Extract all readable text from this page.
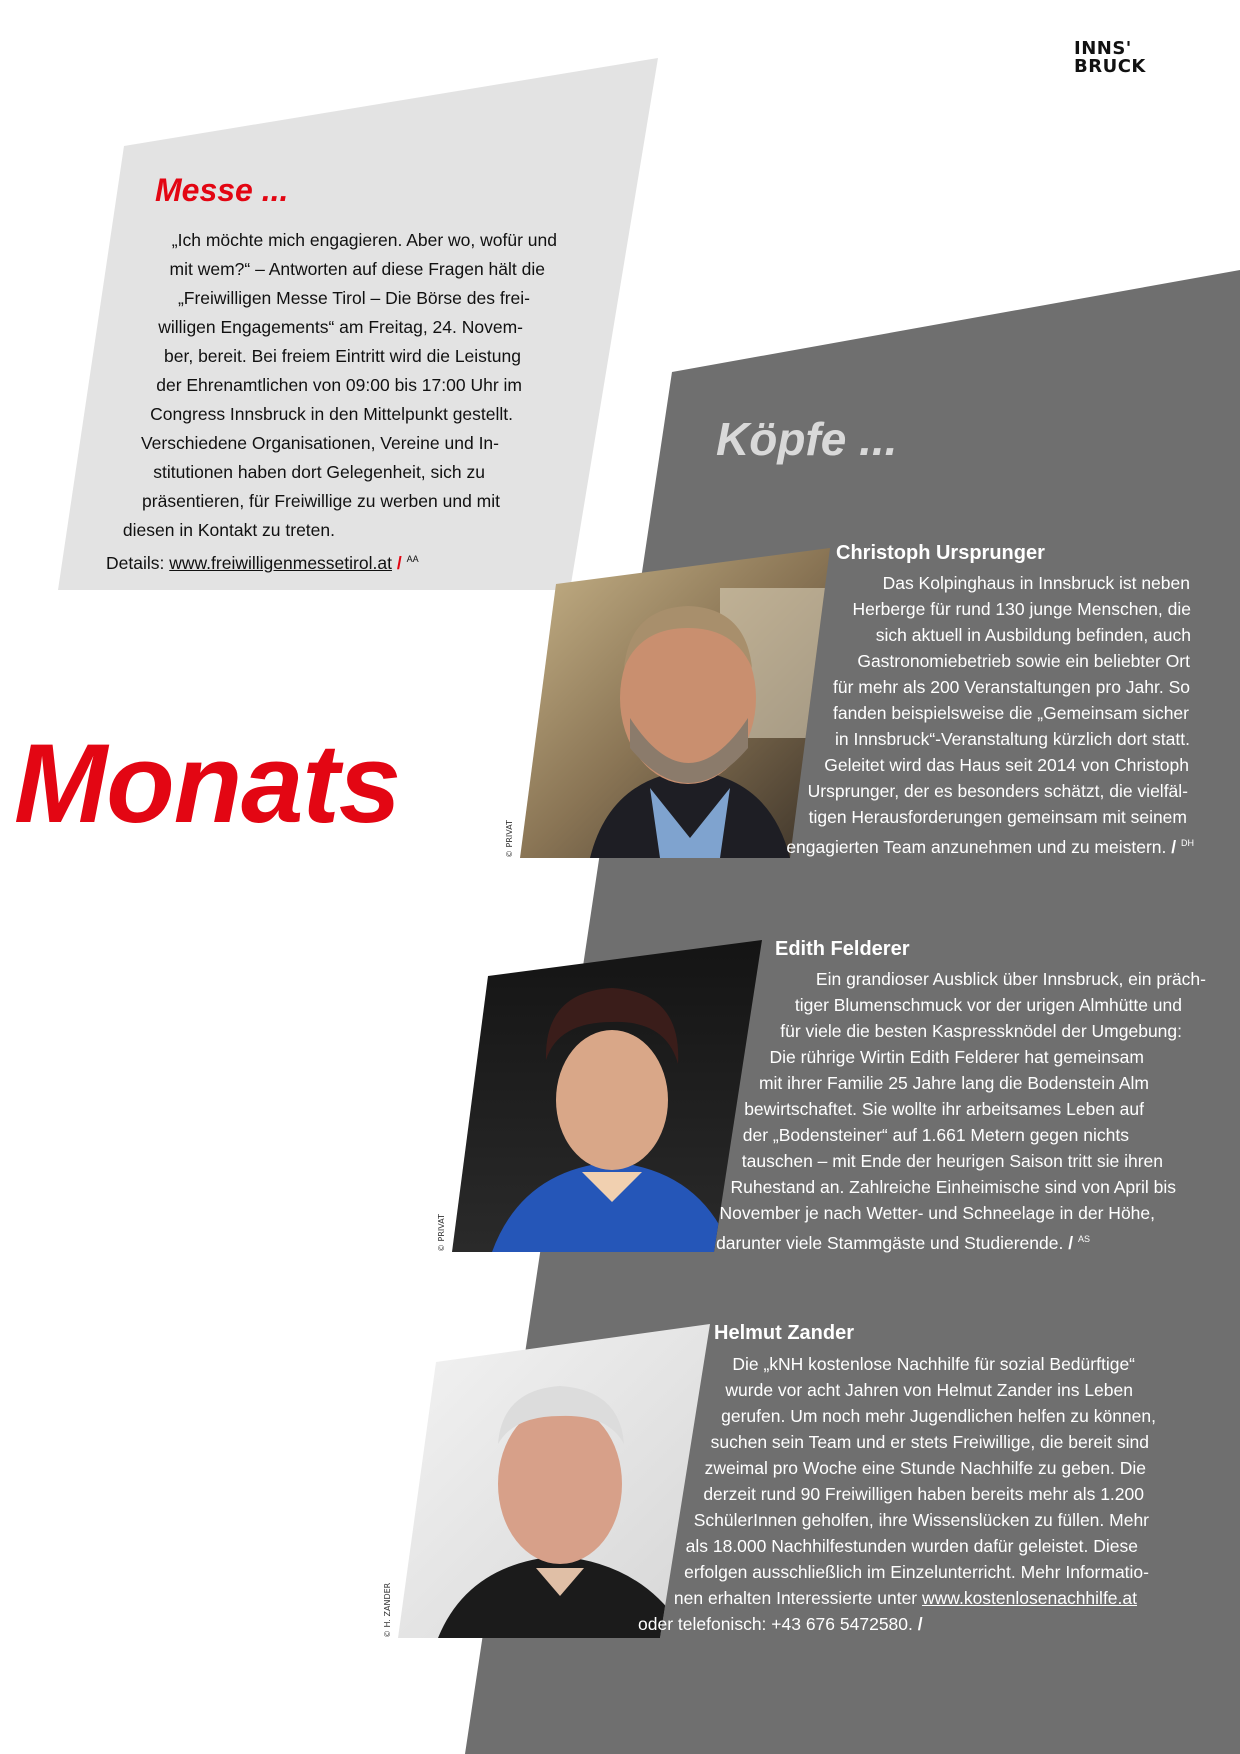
INNS'
BRUCK
Messe ...
„Ich möchte mich engagieren. Aber wo, wofür und
mit wem?“ – Antworten auf diese Fragen hält die
„Freiwilligen Messe Tirol – Die Börse des frei-
willigen Engagements“ am Freitag, 24. Novem-
ber, bereit. Bei freiem Eintritt wird die Leistung
der Ehrenamtlichen von 09:00 bis 17:00 Uhr im
Congress Innsbruck in den Mittelpunkt gestellt.
Verschiedene Organisationen, Vereine und In-
stitutionen haben dort Gelegenheit, sich zu
präsentieren, für Freiwillige zu werben und mit
diesen in Kontakt zu treten.
Details: www.freiwilligenmessetirol.at / $^{AA}$
Monats
Köpfe ...
© PRIVAT
Christoph Ursprunger
Das Kolpinghaus in Innsbruck ist neben
Herberge für rund 130 junge Menschen, die
sich aktuell in Ausbildung befinden, auch
Gastronomiebetrieb sowie ein beliebter Ort
für mehr als 200 Veranstaltungen pro Jahr. So
fanden beispielsweise die „Gemeinsam sicher
in Innsbruck“-Veranstaltung kürzlich dort statt.
Geleitet wird das Haus seit 2014 von Christoph
Ursprunger, der es besonders schätzt, die vielfäl-
tigen Herausforderungen gemeinsam mit seinem
engagierten Team anzunehmen und zu meistern. / $^{DH}$
© PRIVAT
Edith Felderer
Ein grandioser Ausblick über Innsbruck, ein präch-
tiger Blumenschmuck vor der urigen Almhütte und
für viele die besten Kaspressknödel der Umgebung:
Die rührige Wirtin Edith Felderer hat gemeinsam
mit ihrer Familie 25 Jahre lang die Bodenstein Alm
bewirtschaftet. Sie wollte ihr arbeitsames Leben auf
der „Bodensteiner“ auf 1.661 Metern gegen nichts
tauschen – mit Ende der heurigen Saison tritt sie ihren
Ruhestand an. Zahlreiche Einheimische sind von April bis
November je nach Wetter- und Schneelage in der Höhe,
darunter viele Stammgäste und Studierende. / $^{AS}$
© H. ZANDER
Helmut Zander
Die „kNH kostenlose Nachhilfe für sozial Bedürftige“
wurde vor acht Jahren von Helmut Zander ins Leben
gerufen. Um noch mehr Jugendlichen helfen zu können,
suchen sein Team und er stets Freiwillige, die bereit sind
zweimal pro Woche eine Stunde Nachhilfe zu geben. Die
derzeit rund 90 Freiwilligen haben bereits mehr als 1.200
SchülerInnen geholfen, ihre Wissenslücken zu füllen. Mehr
als 18.000 Nachhilfestunden wurden dafür geleistet. Diese
erfolgen ausschließlich im Einzelunterricht. Mehr Informatio-
nen erhalten Interessierte unter www.kostenlosenachhilfe.at
oder telefonisch: +43 676 5472580. /
